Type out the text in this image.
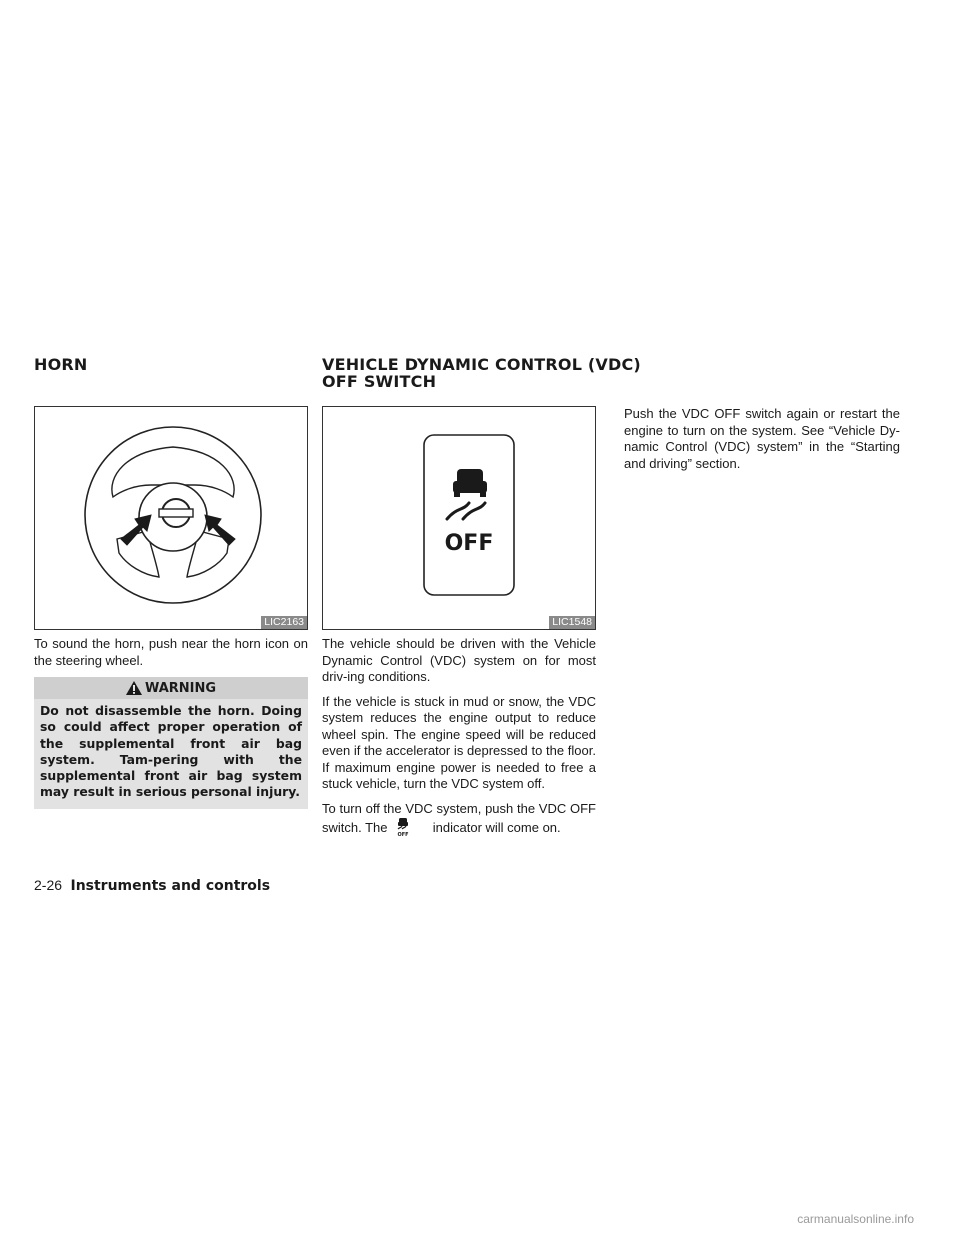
HORN	VEHICLE DYNAMIC CONTROL (VDC)
OFF SWITCH
LIC2163
OFF
LIC1548
To sound the horn, push near the horn icon on the steering wheel.
WARNING
Do not disassemble the horn. Doing so could affect proper operation of the supplemental front air bag system. Tam-pering with the supplemental front air bag system may result in serious personal injury.

The vehicle should be driven with the Vehicle Dynamic Control (VDC) system on for most driv-ing conditions.

If the vehicle is stuck in mud or snow, the VDC system reduces the engine output to reduce wheel spin. The engine speed will be reduced even if the accelerator is depressed to the floor. If maximum engine power is needed to free a stuck vehicle, turn the VDC system off.

To turn off the VDC system, push the VDC OFF switch. The OFF indicator will come on.

Push the VDC OFF switch again or restart the engine to turn on the system. See “Vehicle Dy-namic Control (VDC) system” in the “Starting and driving” section.
2-26 Instruments and controls
carmanualsonline.info
